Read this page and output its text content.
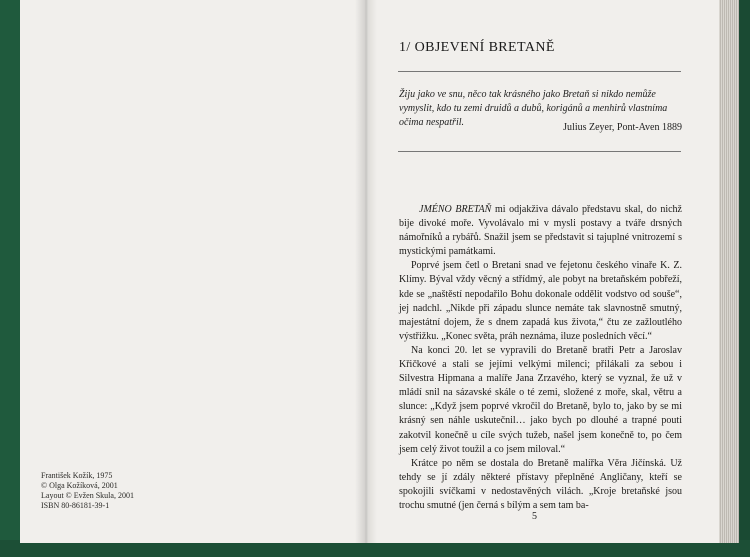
František Kožík, 1975
© Olga Kožíková, 2001
Layout © Evžen Skula, 2001
ISBN 80-86181-39-1
1/ OBJEVENÍ BRETANĚ
Žiju jako ve snu, něco tak krásného jako Bretaň si nikdo nemůže vymyslit, kdo tu zemi druidů a dubů, korigánů a menhirů vlastníma očima nespatřil.	Julius Zeyer, Pont-Aven 1889

JMÉNO BRETAŇ mi odjakživa dávalo představu skal, do nichž bije divoké moře. Vyvolávalo mi v mysli postavy a tváře drsných námořníků a rybářů. Snažil jsem se představit si tajuplné vnitrozemí s mystickými památkami.

Poprvé jsem četl o Bretani snad ve fejetonu českého vinaře K. Z. Klímy. Býval vždy věcný a střídmý, ale pobyt na bretaňském pobřeží, kde se „naštěstí nepodařilo Bohu dokonale oddělit vodstvo od souše“, jej nadchl. „Nikde při západu slunce nemáte tak slavnostně smutný, majestátní dojem, že s dnem zapadá kus života,“ čtu ze zažloutlého výstřižku. „Konec světa, práh neznáma, iluze posledních věcí.“

Na konci 20. let se vypravili do Bretaně bratři Petr a Jaroslav Křičkové a stali se jejími velkými milenci; přilákali za sebou i Silvestra Hipmana a malíře Jana Zrzavého, který se vyznal, že už v mládí snil na sázavské skále o té zemi, složené z moře, skal, větru a slunce: „Když jsem poprvé vkročil do Bretaně, bylo to, jako by se mi krásný sen náhle uskutečnil… jako bych po dlouhé a trapné pouti zakotvil konečně u cíle svých tužeb, našel jsem konečně to, po čem jsem celý život toužil a co jsem miloval.“

Krátce po něm se dostala do Bretaně malířka Věra Jičínská. Už tehdy se jí zdály některé přístavy přeplněné Angličany, kteří se spokojili svíčkami v nedostavěných vilách. „Kroje bretaňské jsou trochu smutné (jen černá s bílým a sem tam ba-

5
